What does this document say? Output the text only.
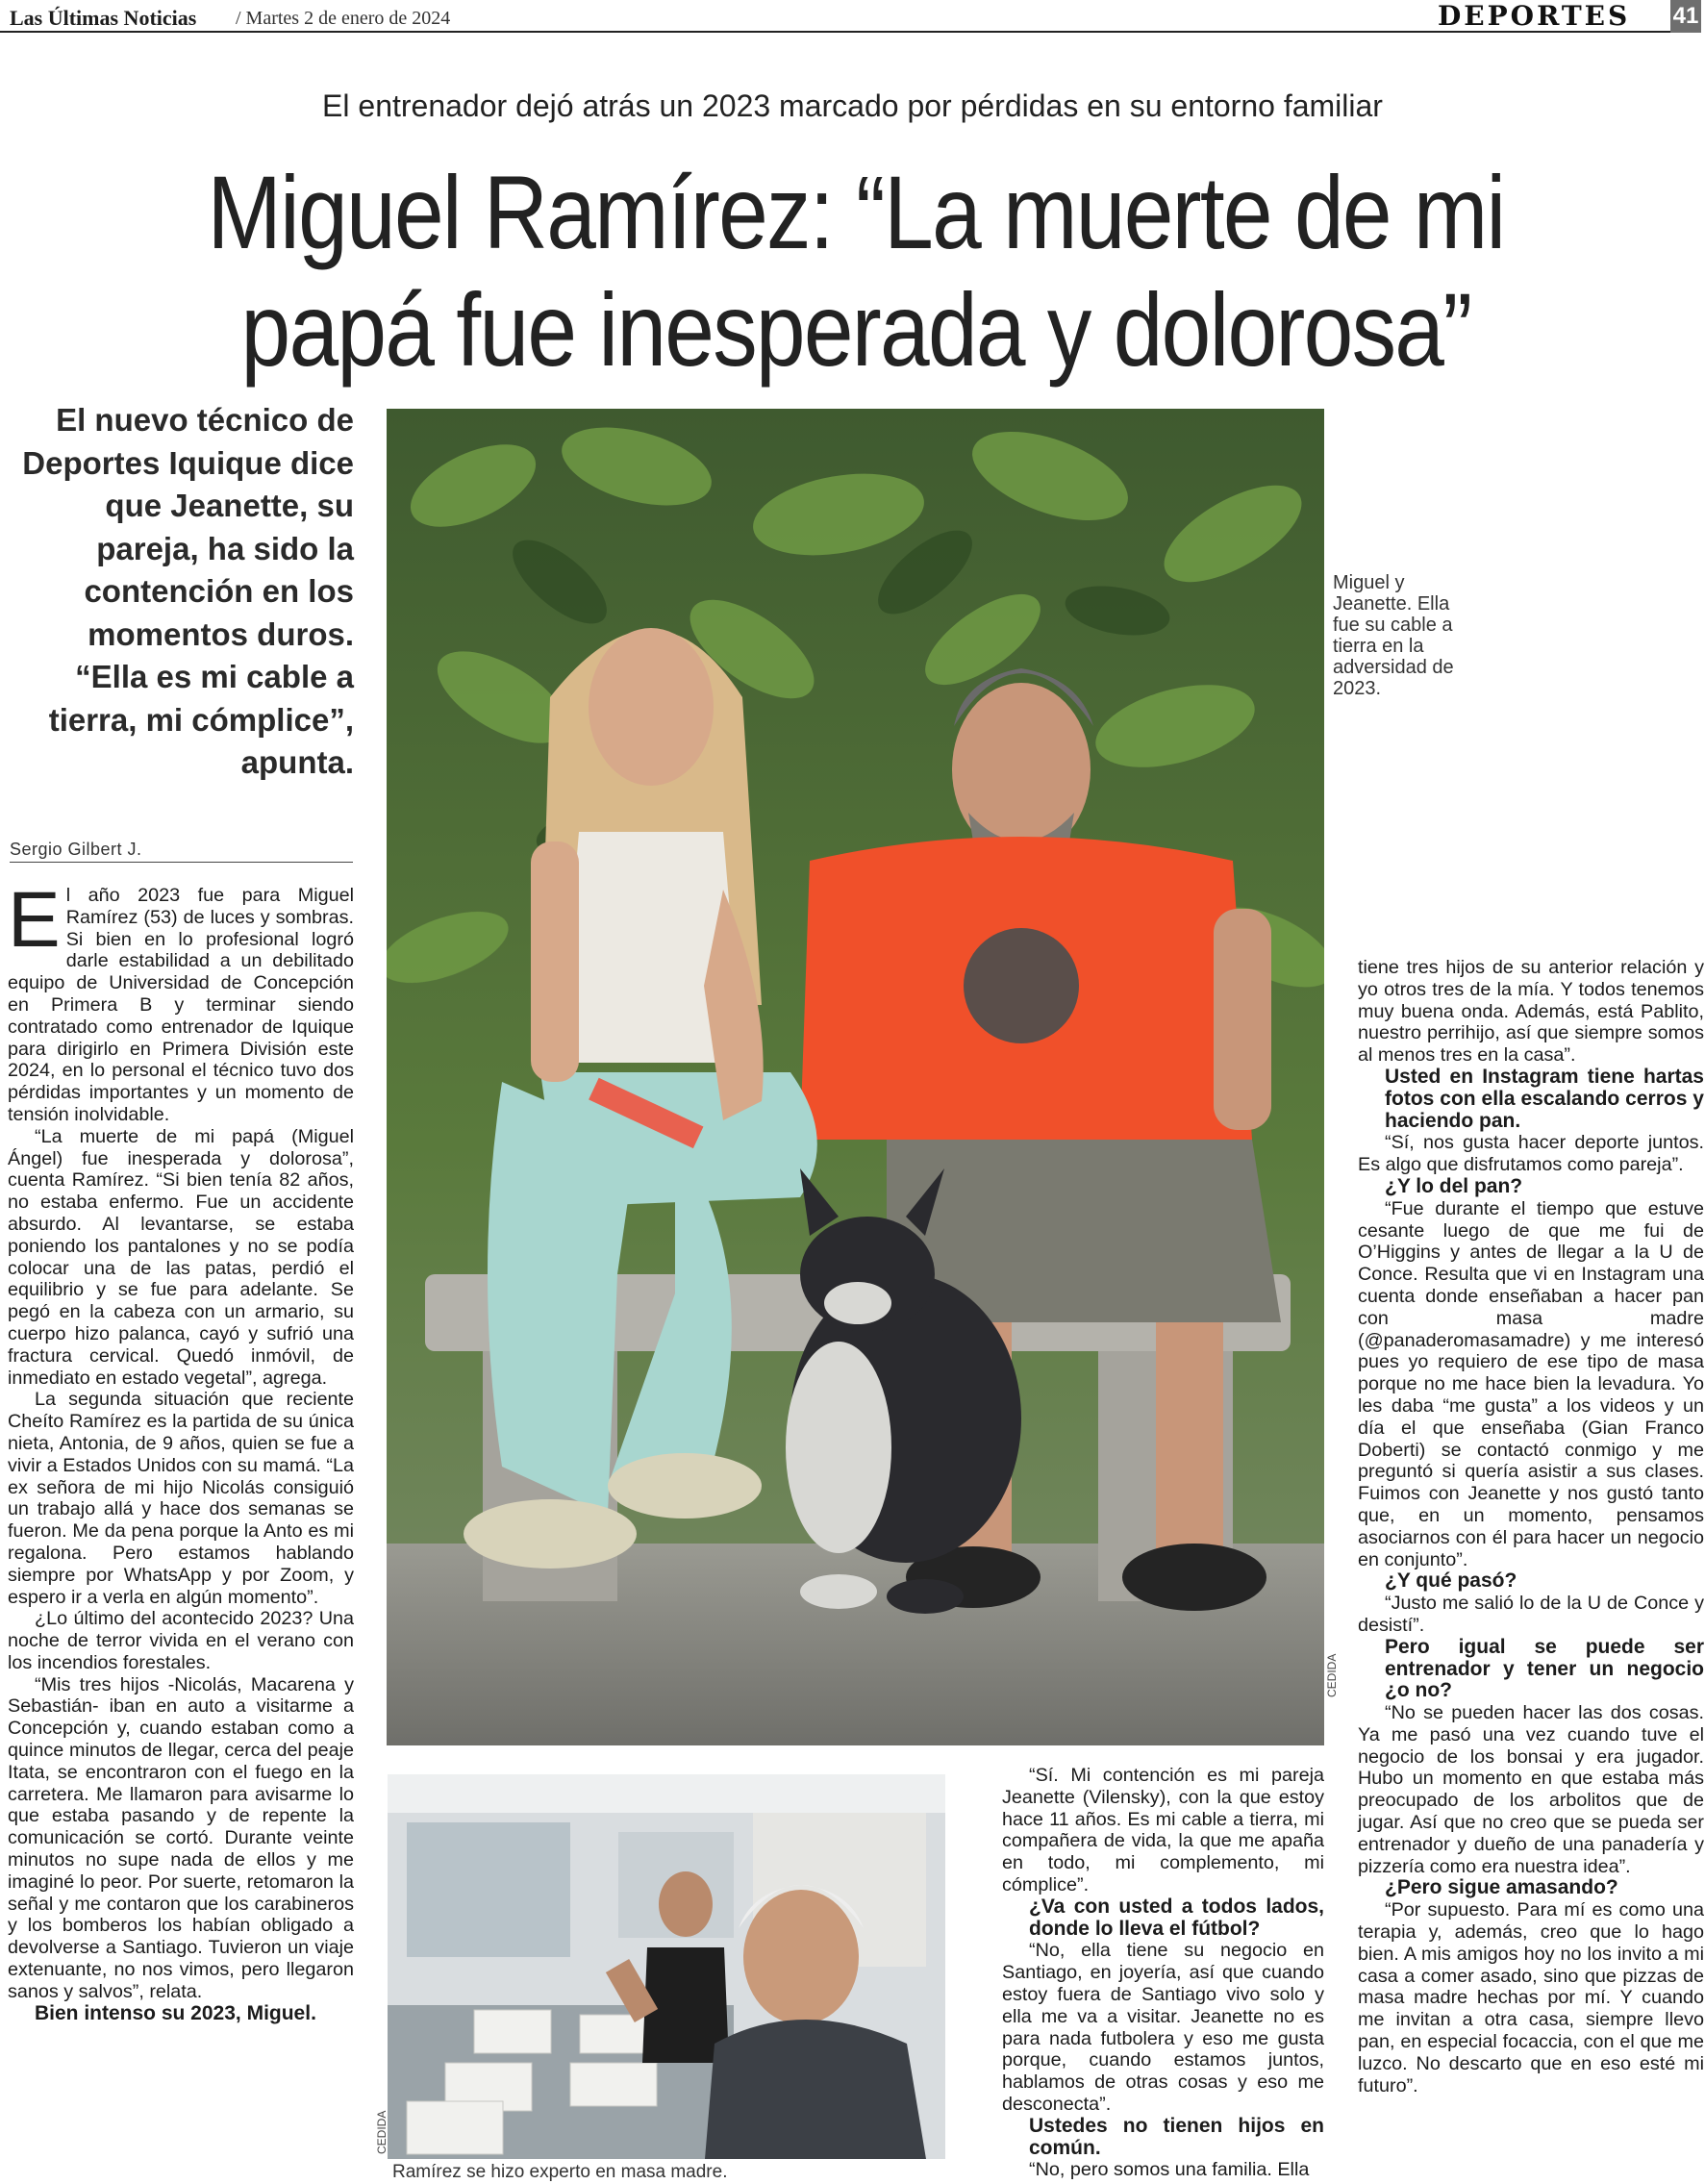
Las Últimas Noticias / Martes 2 de enero de 2024	DEPORTES 41
El entrenador dejó atrás un 2023 marcado por pérdidas en su entorno familiar
Miguel Ramírez: “La muerte de mi
papá fue inesperada y dolorosa”
El nuevo técnico de Deportes Iquique dice que Jeanette, su pareja, ha sido la contención en los momentos duros. “Ella es mi cable a tierra, mi cómplice”, apunta.
CEDIDA
Miguel y Jeanette. Ella fue su cable a tierra en la adversidad de 2023.
Sergio Gilbert J.

El año 2023 fue para Miguel Ramírez (53) de luces y sombras. Si bien en lo profesional logró darle estabilidad a un debilitado equipo de Universidad de Concepción en Primera B y terminar siendo contratado como entrenador de Iquique para dirigirlo en Primera División este 2024, en lo personal el técnico tuvo dos pérdidas importantes y un momento de tensión inolvidable.

“La muerte de mi papá (Miguel Ángel) fue inesperada y dolorosa”, cuenta Ramírez. “Si bien tenía 82 años, no estaba enfermo. Fue un accidente absurdo. Al levantarse, se estaba poniendo los pantalones y no se podía colocar una de las patas, perdió el equilibrio y se fue para adelante. Se pegó en la cabeza con un armario, su cuerpo hizo palanca, cayó y sufrió una fractura cervical. Quedó inmóvil, de inmediato en estado vegetal”, agrega.

La segunda situación que reciente Cheíto Ramírez es la partida de su única nieta, Antonia, de 9 años, quien se fue a vivir a Estados Unidos con su mamá. “La ex señora de mi hijo Nicolás consiguió un trabajo allá y hace dos semanas se fueron. Me da pena porque la Anto es mi regalona. Pero estamos hablando siempre por WhatsApp y por Zoom, y espero ir a verla en algún momento”.

¿Lo último del acontecido 2023? Una noche de terror vivida en el verano con los incendios forestales.

“Mis tres hijos -Nicolás, Macarena y Sebastián- iban en auto a visitarme a Concepción y, cuando estaban como a quince minutos de llegar, cerca del peaje Itata, se encontraron con el fuego en la carretera. Me llamaron para avisarme lo que estaba pasando y de repente la comunicación se cortó. Durante veinte minutos no supe nada de ellos y me imaginé lo peor. Por suerte, retomaron la señal y me contaron que los carabineros y los bomberos los habían obligado a devolverse a Santiago. Tuvieron un viaje extenuante, no nos vimos, pero llegaron sanos y salvos”, relata.

Bien intenso su 2023, Miguel.

CEDIDA
Ramírez se hizo experto en masa madre.

“Sí. Mi contención es mi pareja Jeanette (Vilensky), con la que estoy hace 11 años. Es mi cable a tierra, mi compañera de vida, la que me apaña en todo, mi complemento, mi cómplice”.

¿Va con usted a todos lados, donde lo lleva el fútbol?

“No, ella tiene su negocio en Santiago, en joyería, así que cuando estoy fuera de Santiago vivo solo y ella me va a visitar. Jeanette no es para nada futbolera y eso me gusta porque, cuando estamos juntos, hablamos de otras cosas y eso me desconecta”.

Ustedes no tienen hijos en común.

“No, pero somos una familia. Ella

tiene tres hijos de su anterior relación y yo otros tres de la mía. Y todos tenemos muy buena onda. Además, está Pablito, nuestro perrihijo, así que siempre somos al menos tres en la casa”.

Usted en Instagram tiene hartas fotos con ella escalando cerros y haciendo pan.

“Sí, nos gusta hacer deporte juntos. Es algo que disfrutamos como pareja”.

¿Y lo del pan?

“Fue durante el tiempo que estuve cesante luego de que me fui de O’Higgins y antes de llegar a la U de Conce. Resulta que vi en Instagram una cuenta donde enseñaban a hacer pan con masa madre (@panaderomasamadre) y me interesó pues yo requiero de ese tipo de masa porque no me hace bien la levadura. Yo les daba “me gusta” a los videos y un día el que enseñaba (Gian Franco Doberti) se contactó conmigo y me preguntó si quería asistir a sus clases. Fuimos con Jeanette y nos gustó tanto que, en un momento, pensamos asociarnos con él para hacer un negocio en conjunto”.

¿Y qué pasó?

“Justo me salió lo de la U de Conce y desistí”.

Pero igual se puede ser entrenador y tener un negocio ¿o no?

“No se pueden hacer las dos cosas. Ya me pasó una vez cuando tuve el negocio de los bonsai y era jugador. Hubo un momento en que estaba más preocupado de los arbolitos que de jugar. Así que no creo que se pueda ser entrenador y dueño de una panadería y pizzería como era nuestra idea”.

¿Pero sigue amasando?

“Por supuesto. Para mí es como una terapia y, además, creo que lo hago bien. A mis amigos hoy no los invito a mi casa a comer asado, sino que pizzas de masa madre hechas por mí. Y cuando me invitan a otra casa, siempre llevo pan, en especial focaccia, con el que me luzco. No descarto que en eso esté mi futuro”.
